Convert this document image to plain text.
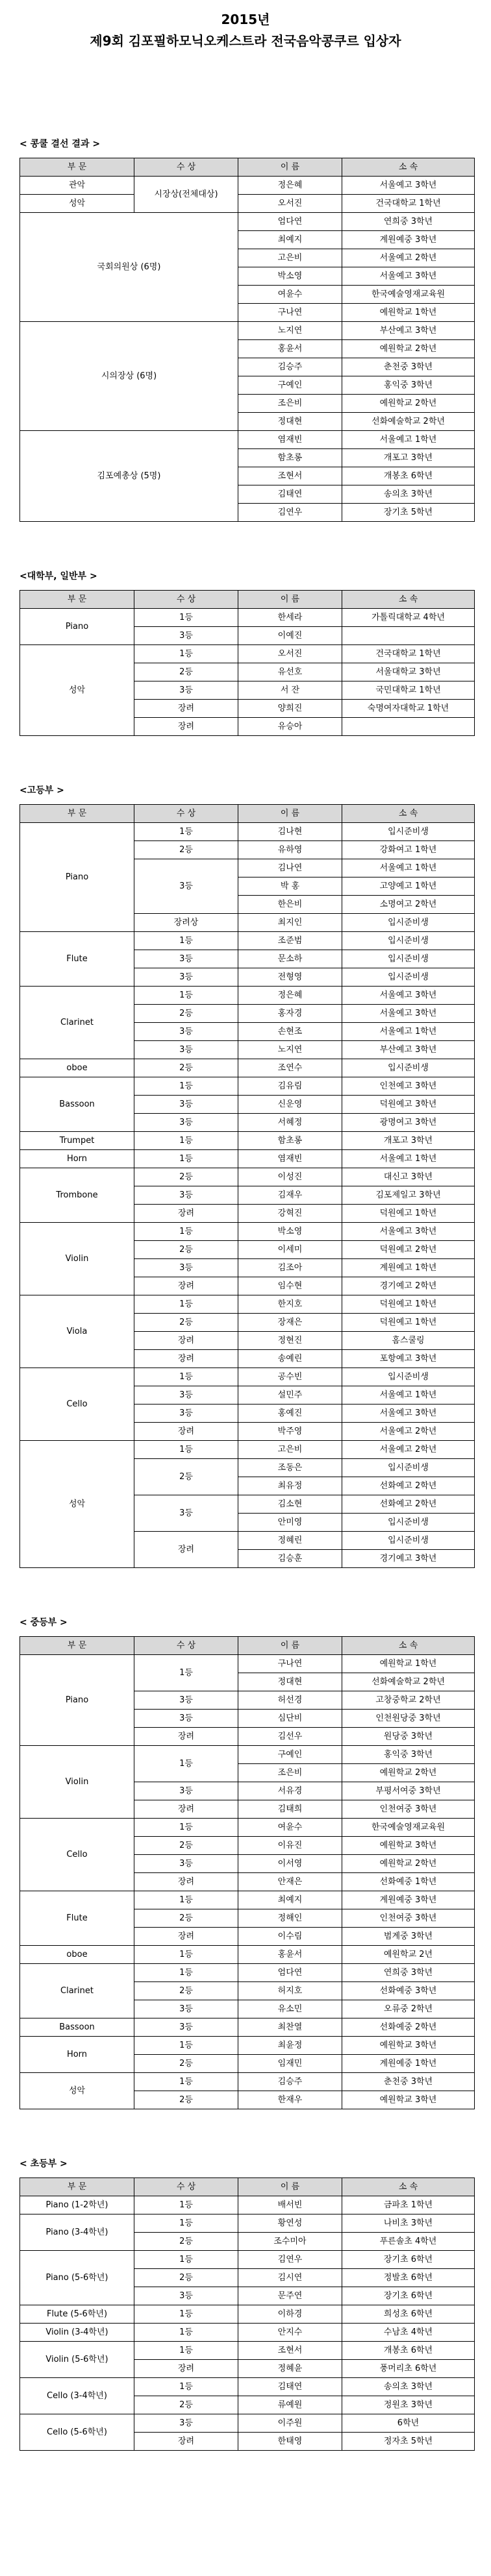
2015년
제9회 김포필하모닉오케스트라 전국음악콩쿠르 입상자
< 콩쿨 결선 결과 >
부 문	수 상	이 름	소 속
관악	시장상(전체대상)	정은혜	서울예고 3학년
성악		오서진	건국대학교 1학년
국회의원상 (6명)		엄다연	연희중 3학년
		최예지	계원예중 3학년
		고은비	서울예고 2학년
		박소영	서울예고 3학년
		여윤수	한국예술영재교육원
		구나연	예원학교 1학년
시의장상 (6명)		노지연	부산예고 3학년
		홍윤서	예원학교 2학년
		김승주	춘천중 3학년
		구예인	홍익중 3학년
		조은비	예원학교 2학년
		정대현	선화예술학교 2학년
김포예총상 (5명)		염재빈	서울예고 1학년
		함초롱	개포고 3학년
		조현서	개봉초 6학년
		김태연	송의초 3학년
		김연우	장기초 5학년
<대학부, 일반부 >
부 문	수 상	이 름	소 속
Piano	1등	한세라	가톨릭대학교 4학년
	3등	이예진	
성악	1등	오서진	건국대학교 1학년
	2등	유선호	서울대학교 3학년
	3등	서 잔	국민대학교 1학년
	장려	양희진	숙명여자대학교 1학년
	장려	유승아	
<고등부 >
부 문	수 상	이 름	소 속
Piano	1등	김나현	입시준비생
	2등	유하영	강화여고 1학년
	3등	김나연	서울예고 1학년
		박 홍	고양예고 1학년
		한은비	소명여고 2학년
	장려상	최지인	입시준비생
Flute	1등	조준범	입시준비생
	3등	문소하	입시준비생
	3등	전형영	입시준비생
Clarinet	1등	정은혜	서울예고 3학년
	2등	홍자경	서울예고 3학년
	3등	손현조	서울예고 1학년
	3등	노지연	부산예고 3학년
oboe	2등	조연수	입시준비생
Bassoon	1등	김유림	인천예고 3학년
	3등	신운영	덕원예고 3학년
	3등	서혜정	광명여고 3학년
Trumpet	1등	함초롱	개포고 3학년
Horn	1등	염재빈	서울예고 1학년
Trombone	2등	이성진	대신고 3학년
	3등	김재우	김포제일고 3학년
	장려	강혁진	덕원예고 1학년
Violin	1등	박소영	서울예고 3학년
	2등	이세미	덕원예고 2학년
	3등	김조아	계원예고 1학년
	장려	임수현	경기예고 2학년
Viola	1등	한지호	덕원예고 1학년
	2등	장재은	덕원예고 1학년
	장려	정현진	홈스쿨링
	장려	송예린	포항예고 3학년
Cello	1등	공수빈	입시준비생
	3등	설민주	서울예고 1학년
	3등	홍예진	서울예고 3학년
	장려	박주영	서울예고 2학년
성악	1등	고은비	서울예고 2학년
	2등	조동은	입시준비생
		최유정	선화예고 2학년
	3등	김소현	선화예고 2학년
		안미영	입시준비생
	장려	정혜린	입시준비생
		김승훈	경기예고 3학년
< 중등부 >
부 문	수 상	이 름	소 속
Piano	1등	구나연	예원학교 1학년
		정대현	선화예술학교 2학년
	3등	허선경	고창중학교 2학년
	3등	심단비	인천원당중 3학년
	장려	김선우	원당중 3학년
Violin	1등	구예인	홍익중 3학년
		조은비	예원학교 2학년
	3등	서유경	부평서여중 3학년
	장려	김태희	인천여중 3학년
Cello	1등	여윤수	한국예술영재교육원
	2등	이유진	예원학교 3학년
	3등	이서영	예원학교 2학년
	장려	안재은	선화예중 1학년
Flute	1등	최예지	계원예중 3학년
	2등	정해인	인천여중 3학년
	장려	이수림	범계중 3학년
oboe	1등	홍윤서	예원학교 2년
Clarinet	1등	엄다연	연희중 3학년
	2등	허지호	선화예중 3학년
	3등	유소민	오류중 2학년
Bassoon	3등	최찬열	선화예중 2학년
Horn	1등	최윤정	예원학교 3학년
	2등	임재민	계원예중 1학년
성악	1등	김승주	춘천중 3학년
	2등	한재우	예원학교 3학년
< 초등부 >
부 문	수 상	이 름	소 속
Piano (1-2학년)	1등	배서빈	금파초 1학년
Piano (3-4학년)	1등	황연성	나비초 3학년
	2등	조수미아	푸른솔초 4학년
Piano (5-6학년)	1등	김연우	장기초 6학년
	2등	김시연	정발초 6학년
	3등	문주연	장기초 6학년
Flute (5-6학년)	1등	이하경	희성초 6학년
Violin (3-4학년)	1등	안지수	수남초 4학년
Violin (5-6학년)	1등	조현서	개봉초 6학년
	장려	정혜윤	풍머리초 6학년
Cello (3-4학년)	1등	김태연	송의초 3학년
	2등	류예원	정원초 3학년
Cello (5-6학년)	3등	이주원	6학년
	장려	한태영	정자초 5학년
